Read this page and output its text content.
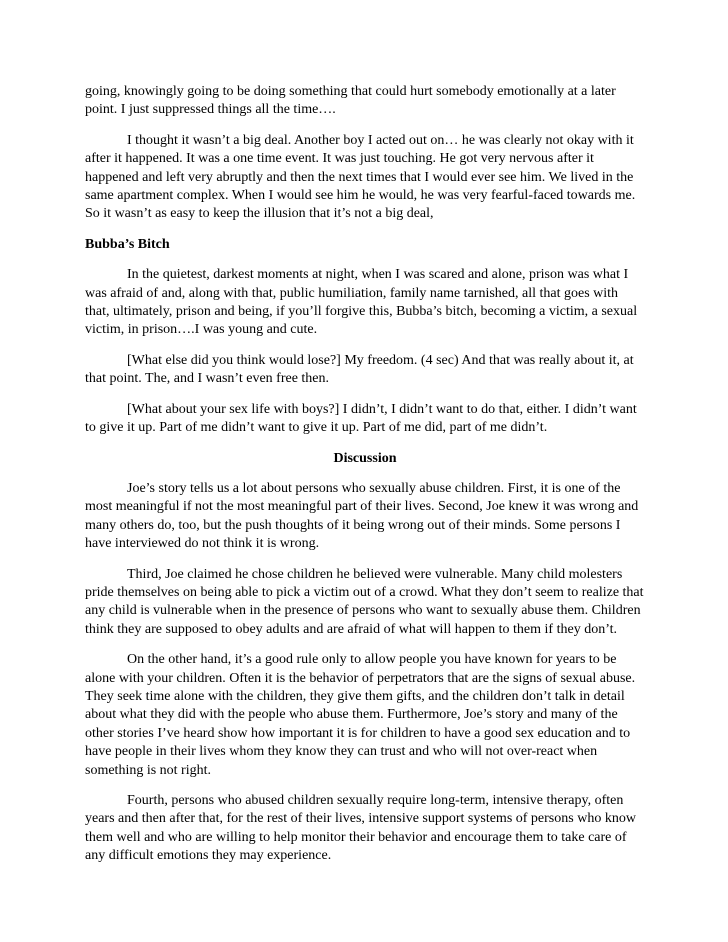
going, knowingly going to be doing something that could hurt somebody emotionally at a later point. I just suppressed things all the time….

I thought it wasn’t a big deal. Another boy I acted out on… he was clearly not okay with it after it happened. It was a one time event. It was just touching. He got very nervous after it happened and left very abruptly and then the next times that I would ever see him. We lived in the same apartment complex. When I would see him he would, he was very fearful-faced towards me. So it wasn’t as easy to keep the illusion that it’s not a big deal,

Bubba’s Bitch

In the quietest, darkest moments at night, when I was scared and alone, prison was what I was afraid of and, along with that, public humiliation, family name tarnished, all that goes with that, ultimately, prison and being, if you’ll forgive this, Bubba’s bitch, becoming a victim, a sexual victim, in prison….I was young and cute.

[What else did you think would lose?] My freedom. (4 sec) And that was really about it, at that point. The, and I wasn’t even free then.

[What about your sex life with boys?] I didn’t, I didn’t want to do that, either. I didn’t want to give it up. Part of me didn’t want to give it up. Part of me did, part of me didn’t.

Discussion

Joe’s story tells us a lot about persons who sexually abuse children. First, it is one of the most meaningful if not the most meaningful part of their lives. Second, Joe knew it was wrong and many others do, too, but the push thoughts of it being wrong out of their minds. Some persons I have interviewed do not think it is wrong.

Third, Joe claimed he chose children he believed were vulnerable. Many child molesters pride themselves on being able to pick a victim out of a crowd. What they don’t seem to realize that any child is vulnerable when in the presence of persons who want to sexually abuse them. Children think they are supposed to obey adults and are afraid of what will happen to them if they don’t.

On the other hand, it’s a good rule only to allow people you have known for years to be alone with your children. Often it is the behavior of perpetrators that are the signs of sexual abuse. They seek time alone with the children, they give them gifts, and the children don’t talk in detail about what they did with the people who abuse them. Furthermore, Joe’s story and many of the other stories I’ve heard show how important it is for children to have a good sex education and to have people in their lives whom they know they can trust and who will not over-react when something is not right.

Fourth, persons who abused children sexually require long-term, intensive therapy, often years and then after that, for the rest of their lives, intensive support systems of persons who know them well and who are willing to help monitor their behavior and encourage them to take care of any difficult emotions they may experience.
